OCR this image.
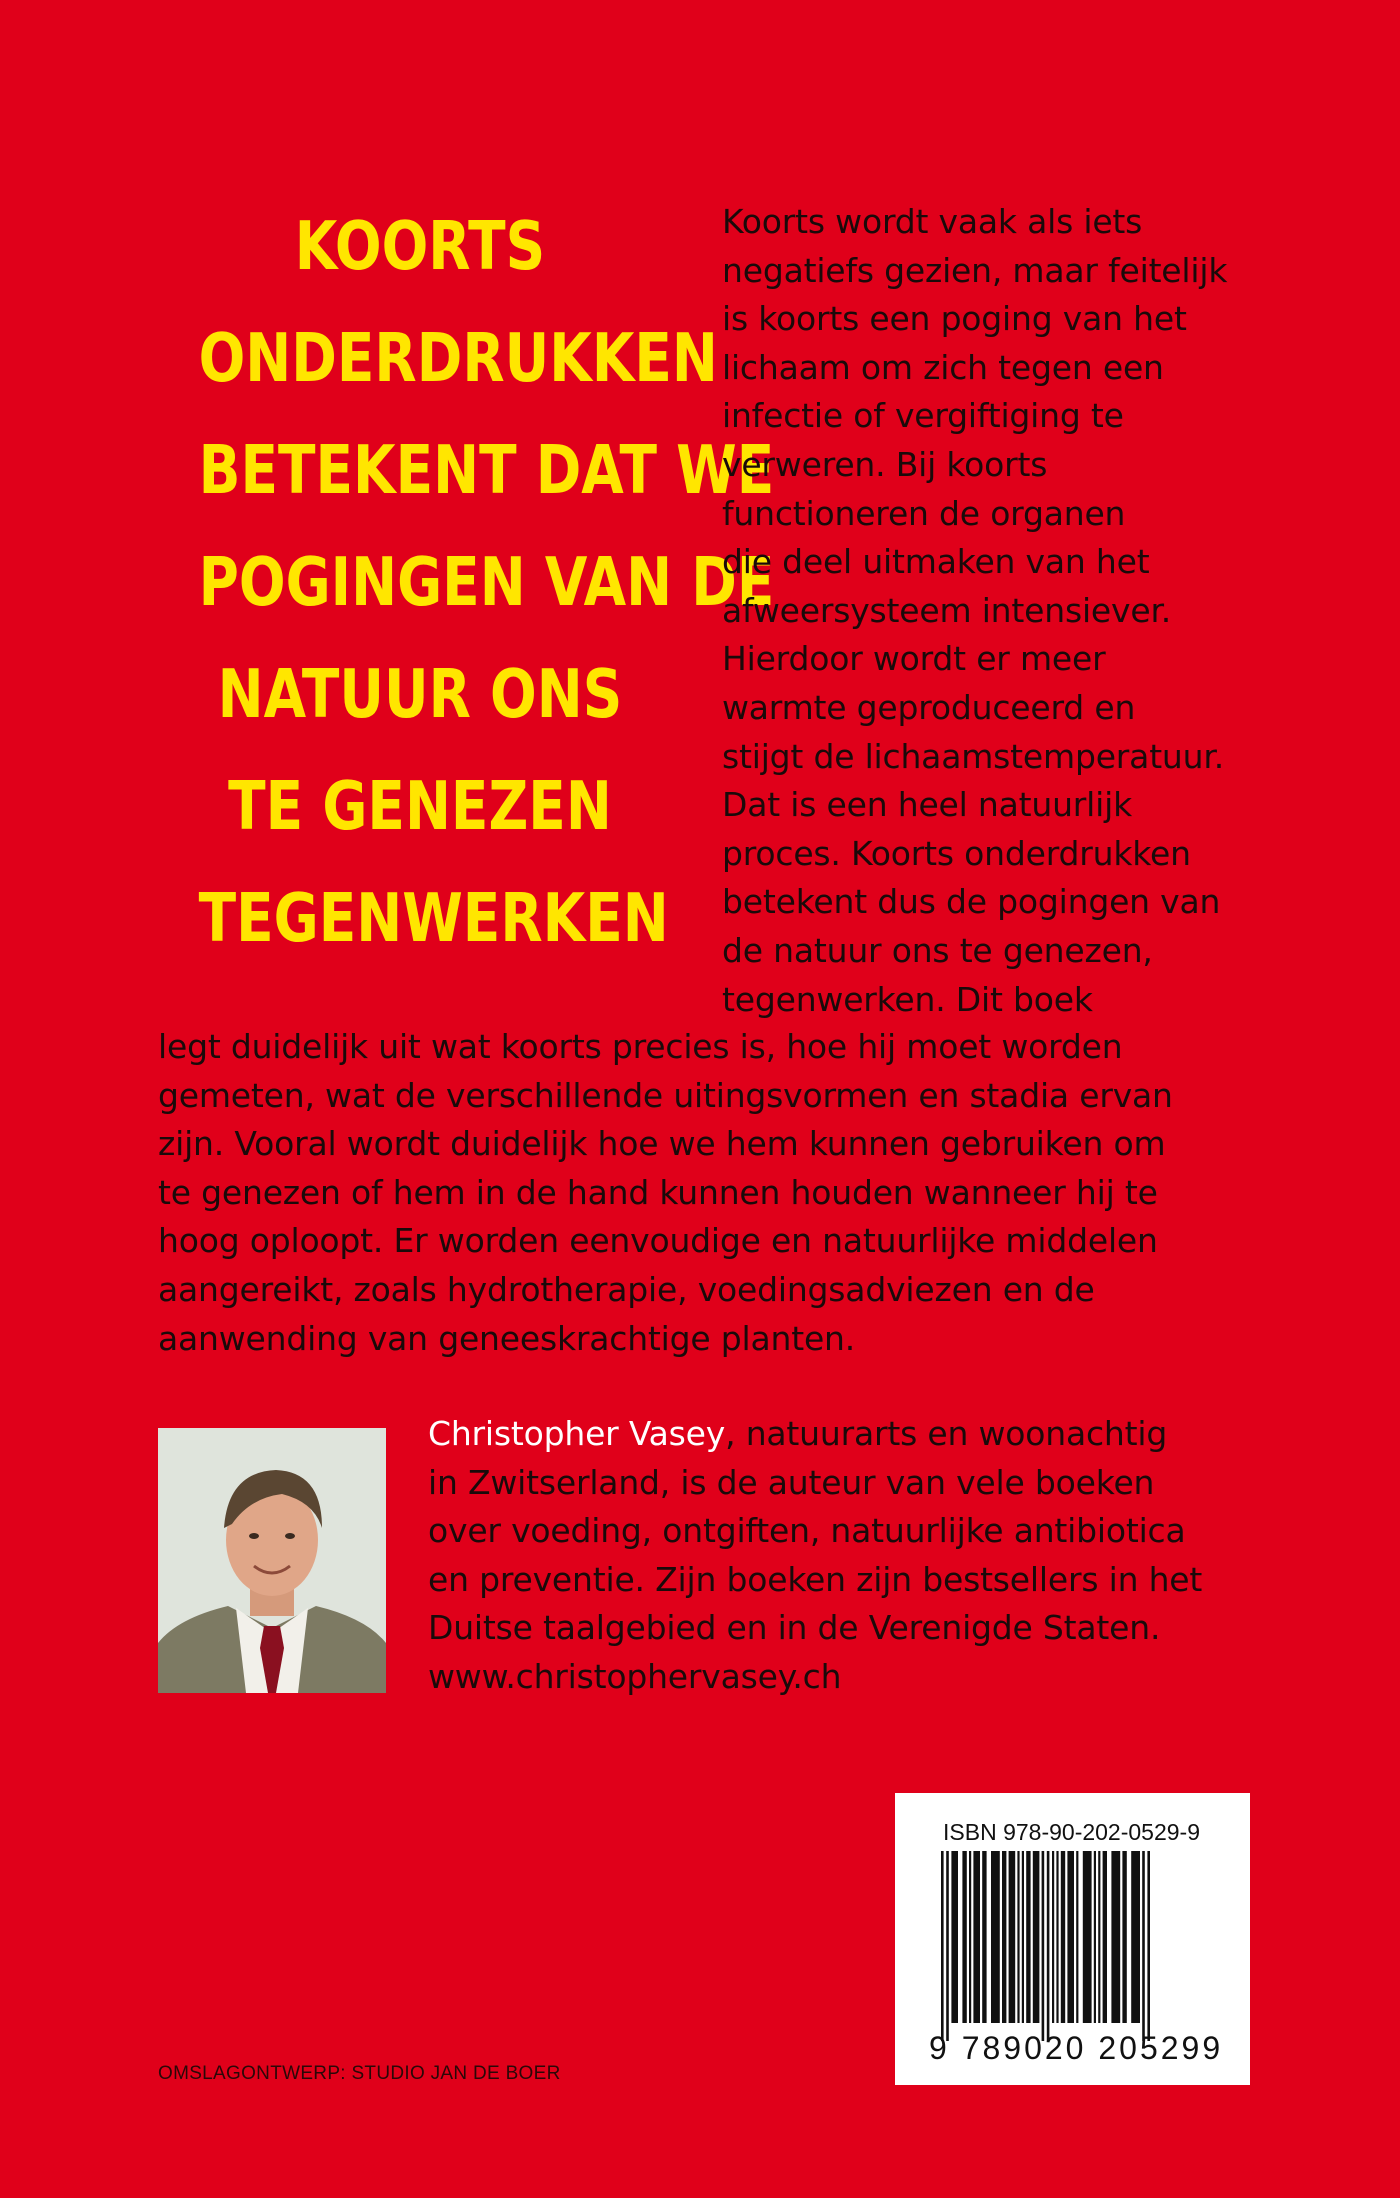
KOORTS
ONDERDRUKKEN
BETEKENT DAT WE
POGINGEN VAN DE
NATUUR ONS
TE GENEZEN
TEGENWERKEN
Koorts wordt vaak als iets
negatiefs gezien, maar feitelijk
is koorts een poging van het
lichaam om zich tegen een
infectie of vergiftiging te
verweren. Bij koorts
functioneren de organen
die deel uitmaken van het
afweersysteem intensiever.
Hierdoor wordt er meer
warmte geproduceerd en
stijgt de lichaamstemperatuur.
Dat is een heel natuurlijk
proces. Koorts onderdrukken
betekent dus de pogingen van
de natuur ons te genezen,
tegenwerken. Dit boek
legt duidelijk uit wat koorts precies is, hoe hij moet worden
gemeten, wat de verschillende uitingsvormen en stadia ervan
zijn. Vooral wordt duidelijk hoe we hem kunnen gebruiken om
te genezen of hem in de hand kunnen houden wanneer hij te
hoog oploopt. Er worden eenvoudige en natuurlijke middelen
aangereikt, zoals hydrotherapie, voedingsadviezen en de
aanwending van geneeskrachtige planten.
Christopher Vasey, natuurarts en woonachtig
in Zwitserland, is de auteur van vele boeken
over voeding, ontgiften, natuurlijke antibiotica
en preventie. Zijn boeken zijn bestsellers in het
Duitse taalgebied en in de Verenigde Staten.
www.christophervasey.ch
ISBN 978-90-202-0529-9
9 789020 205299
OMSLAGONTWERP: STUDIO JAN DE BOER
